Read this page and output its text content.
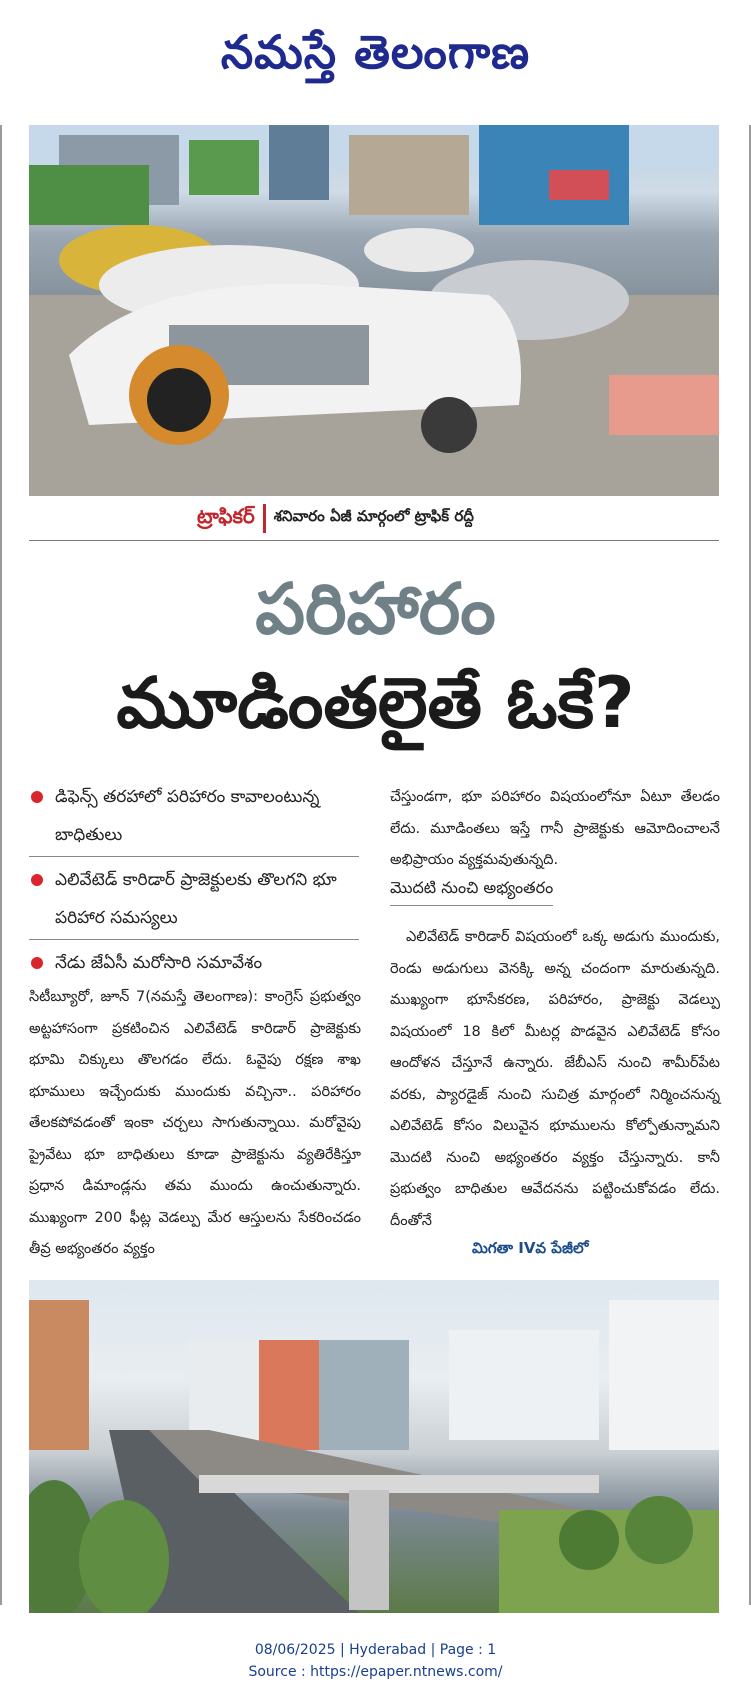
నమస్తే తెలంగాణ
ట్రాఫికర్	శనివారం ఏజీ మార్గంలో ట్రాఫిక్ రద్దీ
పరిహారం
మూడింతలైతే ఓకే?
డిఫెన్స్ తరహాలో పరిహారం కావాలంటున్న బాధితులు
ఎలివేటెడ్ కారిడార్ ప్రాజెక్టులకు తొలగని భూ పరిహార సమస్యలు
నేడు జేఏసీ మరోసారి సమావేశం
సిటీబ్యూరో, జూన్ 7(నమస్తే తెలంగాణ): కాంగ్రెస్ ప్రభుత్వం అట్టహాసంగా ప్రకటించిన ఎలివేటెడ్ కారిడార్ ప్రాజెక్టుకు భూమి చిక్కులు తొలగడం లేదు. ఓవైపు రక్షణ శాఖ భూములు ఇచ్చేందుకు ముందుకు వచ్చినా.. పరిహారం తేలకపోవడంతో ఇంకా చర్చలు సాగుతున్నాయి. మరోవైపు ప్రైవేటు భూ బాధితులు కూడా ప్రాజెక్టును వ్యతిరేకిస్తూ ప్రధాన డిమాండ్లను తమ ముందు ఉంచుతున్నారు. ముఖ్యంగా 200 ఫీట్ల వెడల్పు మేర ఆస్తులను సేకరించడం తీవ్ర అభ్యంతరం వ్యక్తం
చేస్తుండగా, భూ పరిహారం విషయంలోనూ ఏటూ తేలడం లేదు. మూడింతలు ఇస్తే గానీ ప్రాజెక్టుకు ఆమోదించాలనే అభిప్రాయం వ్యక్తమవుతున్నది.
మొదటి నుంచి అభ్యంతరం
ఎలివేటెడ్ కారిడార్ విషయంలో ఒక్క అడుగు ముందుకు, రెండు అడుగులు వెనక్కి అన్న చందంగా మారుతున్నది. ముఖ్యంగా భూసేకరణ, పరిహారం, ప్రాజెక్టు వెడల్పు విషయంలో 18 కిలో మీటర్ల పొడవైన ఎలివేటెడ్ కోసం ఆందోళన చేస్తూనే ఉన్నారు. జేబీఎస్ నుంచి శామీర్‌పేట వరకు, ప్యారడైజ్ నుంచి సుచిత్ర మార్గంలో నిర్మించనున్న ఎలివేటెడ్ కోసం విలువైన భూములను కోల్పోతున్నామని మొదటి నుంచి అభ్యంతరం వ్యక్తం చేస్తున్నారు. కానీ ప్రభుత్వం బాధితుల ఆవేదనను పట్టించుకోవడం లేదు. దీంతోనే
మిగతా IVవ పేజీలో
08/06/2025 | Hyderabad | Page : 1
Source : https://epaper.ntnews.com/
